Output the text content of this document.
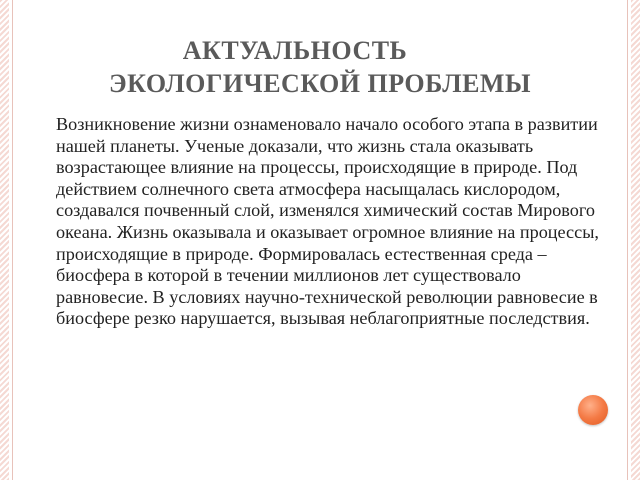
АКТУАЛЬНОСТЬ
ЭКОЛОГИЧЕСКОЙ ПРОБЛЕМЫ

Возникновение жизни ознаменовало начало особого этапа в развитии нашей планеты. Ученые доказали, что жизнь стала оказывать возрастающее влияние на процессы, происходящие в природе. Под действием солнечного света атмосфера насыщалась кислородом, создавался почвенный слой, изменялся химический состав Мирового океана. Жизнь оказывала и оказывает огромное влияние на процессы, происходящие в природе. Формировалась естественная среда – биосфера в которой в течении миллионов лет существовало равновесие. В условиях научно-технической революции равновесие в биосфере резко нарушается, вызывая неблагоприятные последствия.
